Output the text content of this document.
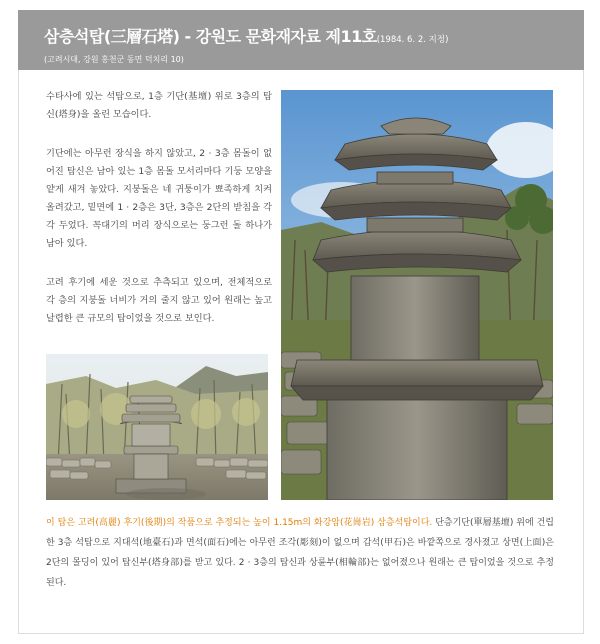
삼층석탑(三層石塔) - 강원도 문화재자료 제11호(1984. 6. 2. 지정)
(고려시대, 강원 홍천군 동면 덕치리 10)

수타사에 있는 석탑으로, 1층 기단(基壇) 위로 3층의 탑신(塔身)을 올린 모습이다.

기단에는 아무런 장식을 하지 않았고, 2 · 3층 몸돌이 없어진 탑신은 남아 있는 1층 몸돌 모서리마다 기둥 모양을 얕게 새겨 놓았다. 지붕돌은 네 귀퉁이가 뾰족하게 치켜 올려갔고, 밑면에 1 · 2층은 3단, 3층은 2단의 받침을 각각 두었다. 꼭대기의 머리 장식으로는 둥그런 돌 하나가 남아 있다.

고려 후기에 세운 것으로 추측되고 있으며, 전체적으로 각 층의 지붕돌 너비가 거의 줄지 않고 있어 원래는 높고 날렵한 큰 규모의 탑이었을 것으로 보인다.

이 탑은 고려(高麗) 후기(後期)의 작품으로 추정되는 높이 1.15m의 화강암(花崗岩) 삼층석탑이다. 단층기단(單層基壇) 위에 건립한 3층 석탑으로 지대석(地臺石)과 면석(面石)에는 아무런 조각(彫刻)이 없으며 갑석(甲石)은 바깥쪽으로 경사졌고 상면(上面)은 2단의 몰딩이 있어 탑신부(塔身部)를 받고 있다. 2 · 3층의 탑신과 상륜부(相輪部)는 없어졌으나 원래는 큰 탑이었을 것으로 추정된다.
